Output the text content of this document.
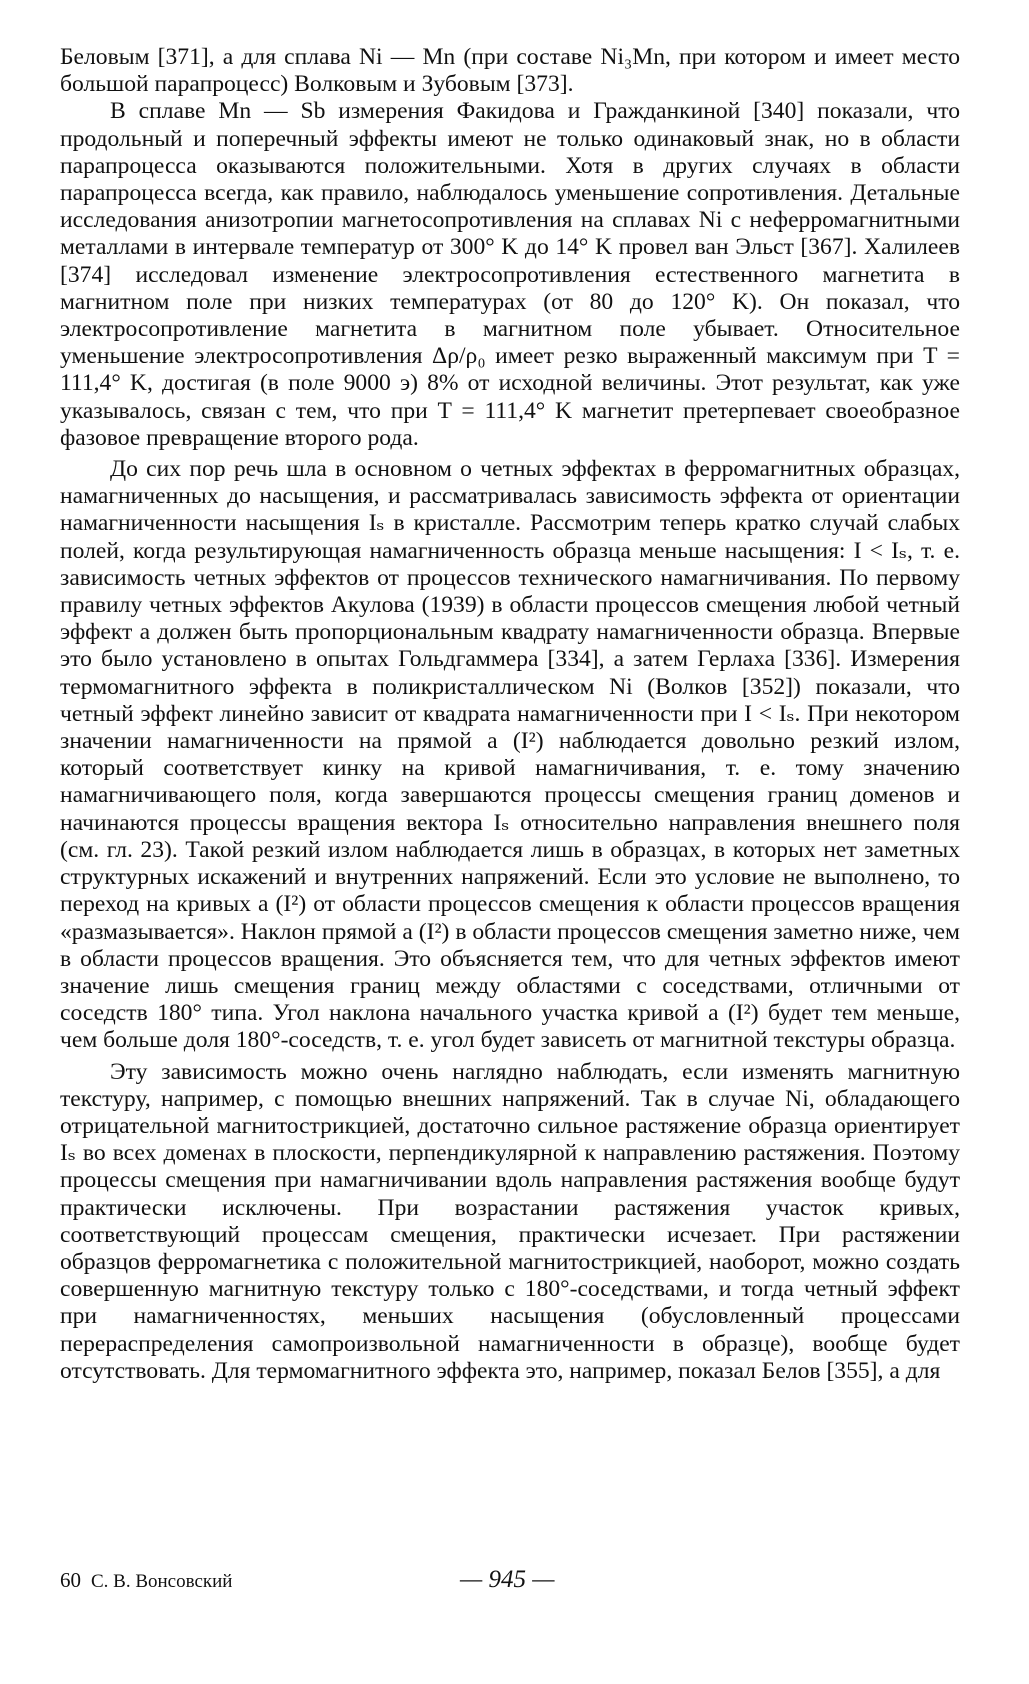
Беловым [371], а для сплава Ni — Mn (при составе Ni₃Mn, при котором и имеет место большой парапроцесс) Волковым и Зубовым [373].

В сплаве Mn — Sb измерения Факидова и Гражданкиной [340] показали, что продольный и поперечный эффекты имеют не только одинаковый знак, но в области парапроцесса оказываются положительными. Хотя в других случаях в области парапроцесса всегда, как правило, наблюдалось уменьшение сопротивления. Детальные исследования анизотропии магнетосопротивления на сплавах Ni с неферромагнитными металлами в интервале температур от 300° K до 14° K провел ван Эльст [367]. Халилеев [374] исследовал изменение электросопротивления естественного магнетита в магнитном поле при низких температурах (от 80 до 120° K). Он показал, что электросопротивление магнетита в магнитном поле убывает. Относительное уменьшение электросопротивления Δρ/ρ₀ имеет резко выраженный максимум при T = 111,4° K, достигая (в поле 9000 э) 8% от исходной величины. Этот результат, как уже указывалось, связан с тем, что при T = 111,4° K магнетит претерпевает своеобразное фазовое превращение второго рода.

До сих пор речь шла в основном о четных эффектах в ферромагнитных образцах, намагниченных до насыщения, и рассматривалась зависимость эффекта от ориентации намагниченности насыщения Iₛ в кристалле. Рассмотрим теперь кратко случай слабых полей, когда результирующая намагниченность образца меньше насыщения: I < Iₛ, т. е. зависимость четных эффектов от процессов технического намагничивания. По первому правилу четных эффектов Акулова (1939) в области процессов смещения любой четный эффект a должен быть пропорциональным квадрату намагниченности образца. Впервые это было установлено в опытах Гольдгаммера [334], а затем Герлаха [336]. Измерения термомагнитного эффекта в поликристаллическом Ni (Волков [352]) показали, что четный эффект линейно зависит от квадрата намагниченности при I < Iₛ. При некотором значении намагниченности на прямой a (I²) наблюдается довольно резкий излом, который соответствует кинку на кривой намагничивания, т. е. тому значению намагничивающего поля, когда завершаются процессы смещения границ доменов и начинаются процессы вращения вектора Iₛ относительно направления внешнего поля (см. гл. 23). Такой резкий излом наблюдается лишь в образцах, в которых нет заметных структурных искажений и внутренних напряжений. Если это условие не выполнено, то переход на кривых a (I²) от области процессов смещения к области процессов вращения «размазывается». Наклон прямой a (I²) в области процессов смещения заметно ниже, чем в области процессов вращения. Это объясняется тем, что для четных эффектов имеют значение лишь смещения границ между областями с соседствами, отличными от соседств 180° типа. Угол наклона начального участка кривой a (I²) будет тем меньше, чем больше доля 180°-соседств, т. е. угол будет зависеть от магнитной текстуры образца.

Эту зависимость можно очень наглядно наблюдать, если изменять магнитную текстуру, например, с помощью внешних напряжений. Так в случае Ni, обладающего отрицательной магнитострикцией, достаточно сильное растяжение образца ориентирует Iₛ во всех доменах в плоскости, перпендикулярной к направлению растяжения. Поэтому процессы смещения при намагничивании вдоль направления растяжения вообще будут практически исключены. При возрастании растяжения участок кривых, соответствующий процессам смещения, практически исчезает. При растяжении образцов ферромагнетика с положительной магнитострикцией, наоборот, можно создать совершенную магнитную текстуру только с 180°-соседствами, и тогда четный эффект при намагниченностях, меньших насыщения (обусловленный процессами перераспределения самопроизвольной намагниченности в образце), вообще будет отсутствовать. Для термомагнитного эффекта это, например, показал Белов [355], а для

60 С. В. Вонсовский	— 945 —
